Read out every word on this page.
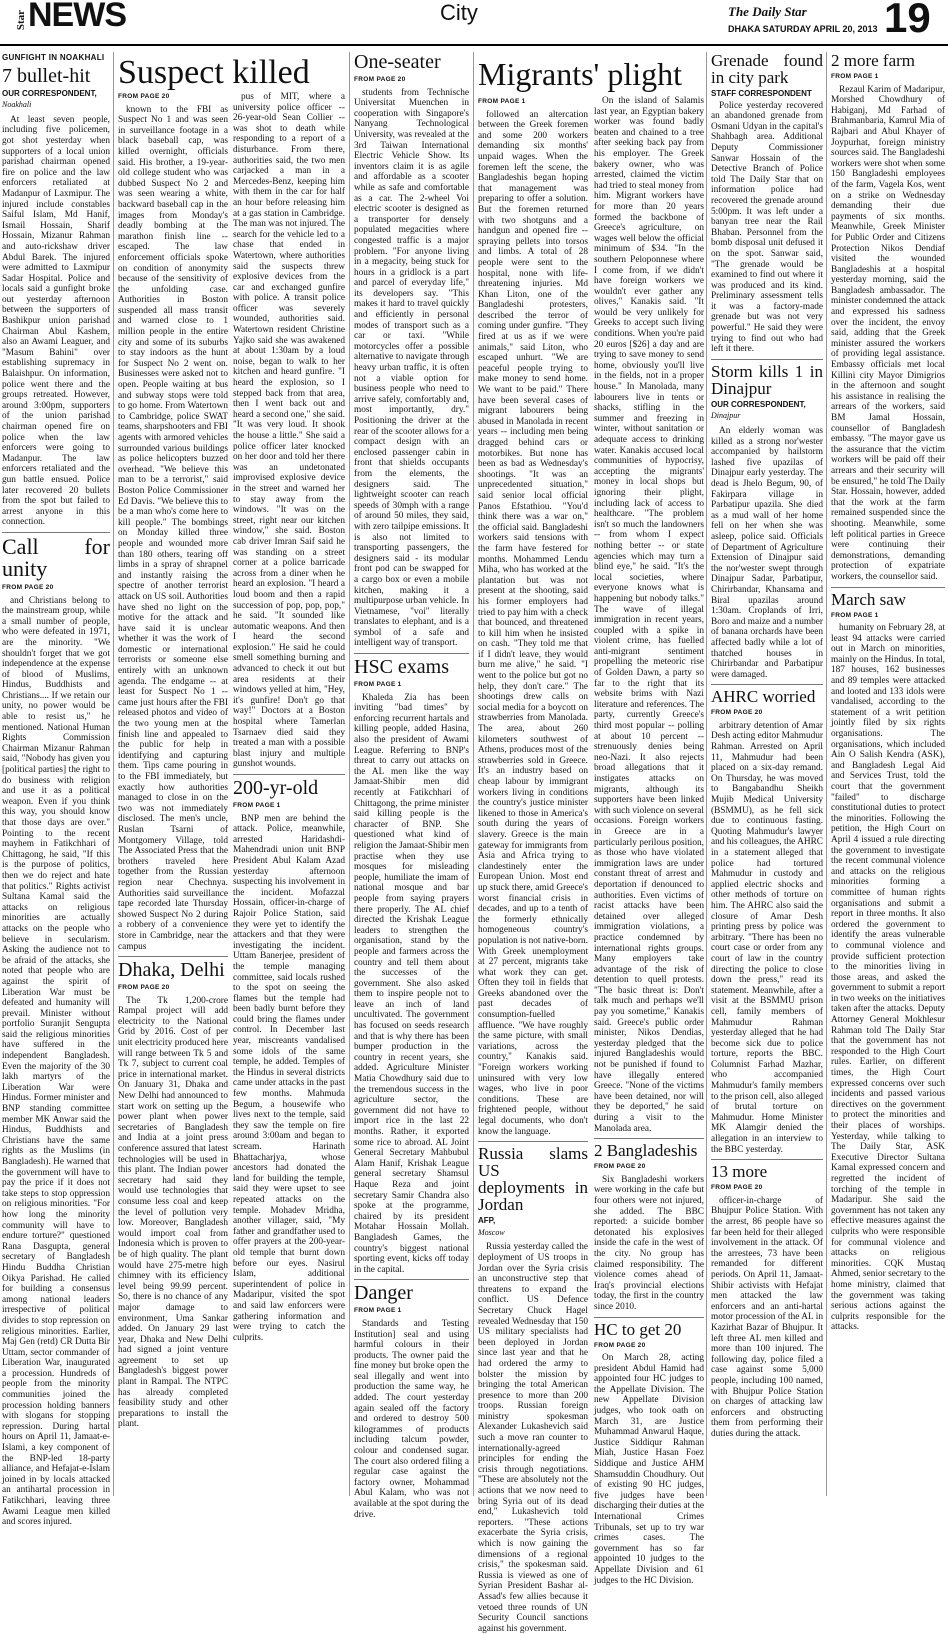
Star NEWS	City	The Daily Star
DHAKA SATURDAY APRIL 20, 2013 19
GUNFIGHT IN NOAKHALI
7 bullet-hit
OUR CORRESPONDENT,
Noakhali

At least seven people, including five policemen, got shot yesterday when supporters of a local union parishad chairman opened fire on police and the law enforcers retaliated at Madanpur of Laxmipur. The injured include constables Saiful Islam, Md Hanif, Ismail Hossain, Sharif Hossain, Mizanur Rahman and auto-rickshaw driver Abdul Barek. The injured were admitted to Laxmipur Sadar Hospital. Police and locals said a gunfight broke out yesterday afternoon between the supporters of Bashikpur union parishad Chairman Abul Kashem, also an Awami Leaguer, and "Masum Bahini" over establishing supremacy in Balaishpur. On information, police went there and the groups retreated. However, around 3:00pm, supporters of the union parishad chairman opened fire on police when the law enforcers were going to Madanpur. The law enforcers retaliated and the gun battle ensued. Police later recovered 20 bullets from the spot but failed to arrest anyone in this connection.

Call for unity
FROM PAGE 20

and Christians belong to the mainstream group, while a small number of people, who were defeated in 1971, are the minority. "We shouldn't forget that we got independence at the expense of blood of Muslims, Hindus, Buddhists and Christians.... If we retain our unity, no power would be able to resist us," he mentioned. National Human Rights Commission Chairman Mizanur Rahman said, "Nobody has given you [political parties] the right to do business with religion and use it as a political weapon. Even if you think this way, you should know that those days are over." Pointing to the recent mayhem in Fatikchhari of Chittagong, he said, "If this is the purpose of politics, then we do reject and hate that politics." Rights activist Sultana Kamal said the attacks on religious minorities are actually attacks on the people who believe in secularism. Asking the audience not to be afraid of the attacks, she noted that people who are against the spirit of Liberation War must be defeated and humanity will prevail. Minister without portfolio Suranjit Sengupta said the religious minorities have suffered in the independent Bangladesh. Even the majority of the 30 lakh martyrs of the Liberation War were Hindus. Former minister and BNP standing committee member MK Anwar said the Hindus, Buddhists and Christians have the same rights as the Muslims (in Bangladesh). He warned that the government will have to pay the price if it does not take steps to stop oppression on religious minorities. "For how long the minority community will have to endure torture?" questioned Rana Dasgupta, general secretary of Bangladesh Hindu Buddha Christian Oikya Parishad. He called for building a consensus among national leaders irrespective of political divides to stop repression on religious minorities. Earlier, Maj Gen (retd) CR Dutta Bir Uttam, sector commander of Liberation War, inaugurated a procession. Hundreds of people from the minority communities joined the procession holding banners with slogans for stopping repression. During hartal hours on April 11, Jamaat-e-Islami, a key component of the BNP-led 18-party alliance, and Hefajat-e-Islam joined in by locals attacked an antihartal procession in Fatikchhari, leaving three Awami League men killed and scores injured.

FROM PAGE 20

known to the FBI as Suspect No 1 and was seen in surveillance footage in a black baseball cap, was killed overnight, officials said. His brother, a 19-year-old college student who was dubbed Suspect No 2 and was seen wearing a white, backward baseball cap in the images from Monday's deadly bombing at the marathon finish line -- escaped. The law enforcement officials spoke on condition of anonymity because of the sensitivity of the unfolding case. Authorities in Boston suspended all mass transit and warned close to 1 million people in the entire city and some of its suburbs to stay indoors as the hunt for Suspect No 2 went on. Businesses were asked not to open. People waiting at bus and subway stops were told to go home. From Watertown to Cambridge, police SWAT teams, sharpshooters and FBI agents with armored vehicles surrounded various buildings as police helicopters buzzed overhead. "We believe this man to be a terrorist," said Boston Police Commissioner Ed Davis. "We believe this to be a man who's come here to kill people." The bombings on Monday killed three people and wounded more than 180 others, tearing off limbs in a spray of shrapnel and instantly raising the spectre of another terrorist attack on US soil. Authorities have shed no light on the motive for the attack and have said it is unclear whether it was the work of domestic or international terrorists or someone else entirely with an unknown agenda. The endgame -- at least for Suspect No 1 -- came just hours after the FBI released photos and video of the two young men at the finish line and appealed to the public for help in identifying and capturing them. Tips came pouring in to the FBI immediately, but exactly how authorities managed to close in on the two was not immediately disclosed. The men's uncle, Ruslan Tsarni of Montgomery Village, told The Associated Press that the brothers traveled here together from the Russian region near Chechnya. Authorities said surveillance tape recorded late Thursday showed Suspect No 2 during a robbery of a convenience store in Cambridge, near the campus

Dhaka, Delhi
FROM PAGE 20

The Tk 1,200-crore Rampal project will add electricity to the National Grid by 2016. Cost of per unit electricity produced here will range between Tk 5 and Tk 7, subject to current coal price in international market. On January 31, Dhaka and New Delhi had announced to start work on setting up the power plant when power secretaries of Bangladesh and India at a joint press conference assured that latest technologies will be used in this plant. The Indian power secretary had said they would use technologies that consume less coal and keep the level of pollution very low. Moreover, Bangladesh would import coal from Indonesia which is proven to be of high quality. The plant would have 275-metre high chimney with its efficiency level being 99.99 percent. So, there is no chance of any major damage to environment, Uma Sankar added. On January 29 last year, Dhaka and New Delhi had signed a joint venture agreement to set up Bangladesh's biggest power plant in Rampal. The NTPC has already completed feasibility study and other preparations to install the plant.

Suspect killed

pus of MIT, where a university police officer -- 26-year-old Sean Collier -- was shot to death while responding to a report of a disturbance. From there, authorities said, the two men carjacked a man in a Mercedes-Benz, keeping him with them in the car for half an hour before releasing him at a gas station in Cambridge. The man was not injured. The search for the vehicle led to a chase that ended in Watertown, where authorities said the suspects threw explosive devices from the car and exchanged gunfire with police. A transit police officer was severely wounded, authorities said. Watertown resident Christine Yajko said she was awakened at about 1:30am by a loud noise, began to walk to her kitchen and heard gunfire. "I heard the explosion, so I stepped back from that area, then I went back out and heard a second one," she said. "It was very loud. It shook the house a little." She said a police officer later knocked on her door and told her there was an undetonated improvised explosive device in the street and warned her to stay away from the windows. "It was on the street, right near our kitchen window," she said. Boston cab driver Imran Saif said he was standing on a street corner at a police barricade across from a diner when he heard an explosion. "I heard a loud boom and then a rapid succession of pop, pop, pop," he said. "It sounded like automatic weapons. And then I heard the second explosion." He said he could smell something burning and advanced to check it out but area residents at their windows yelled at him, "Hey, it's gunfire! Don't go that way!" Doctors at a Boston hospital where Tamerlan Tsarnaev died said they treated a man with a possible blast injury and multiple gunshot wounds.

200-yr-old
FROM PAGE 1

BNP men are behind the attack. Police, meanwhile, arrested Haridashdi-Mahendradi union unit BNP President Abul Kalam Azad yesterday afternoon suspecting his involvement in the incident. Mofazzal Hossain, officer-in-charge of Rajoir Police Station, said they were yet to identify the attackers and that they were investigating the incident. Uttam Banerjee, president of the temple managing committee, said locals rushed to the spot on seeing the flames but the temple had been badly burnt before they could bring the flames under control. In December last year, miscreants vandalised some idols of the same temple, he added. Temples of the Hindus in several districts came under attacks in the past few months. Mahmuda Begum, a housewife who lives next to the temple, said they saw the temple on fire around 3:00am and began to scream. Harinath Bhattacharjya, whose ancestors had donated the land for building the temple, said they were upset to see repeated attacks on the temple. Mohadev Mridha, another villager, said, "My father and grandfather used to offer prayers at the 200-year-old temple that burnt down before our eyes. Nasirul Islam, additional superintendent of police in Madaripur, visited the spot and said law enforcers were gathering information and were trying to catch the culprits.

One-seater
FROM PAGE 20

students from Technische Universitat Muenchen in cooperation with Singapore's Nanyang Technological University, was revealed at the 3rd Taiwan International Electric Vehicle Show. Its inventors claim it is as agile and affordable as a scooter while as safe and comfortable as a car. The 2-wheel Voi electric scooter is designed as a transporter for densely populated megacities where congested traffic is a major problem. "For anyone living in a megacity, being stuck for hours in a gridlock is a part and parcel of everyday life," its developers say. "This makes it hard to travel quickly and efficiently in personal modes of transport such as a car or taxi. "While motorcycles offer a possible alternative to navigate through heavy urban traffic, it is often not a viable option for business people who need to arrive safely, comfortably and, most importantly, dry." Positioning the driver at the rear of the scooter allows for a compact design with an enclosed passenger cabin in front that shields occupants from the elements, the designers said. The lightweight scooter can reach speeds of 30mph with a range of around 50 miles, they said, with zero tailpipe emissions. It is also not limited to transporting passengers, the designers said - its modular front pod can be swapped for a cargo box or even a mobile kitchen, making it a multipurpose urban vehicle. In Vietnamese, "voi" literally translates to elephant, and is a symbol of a safe and intelligent way of transport.

HSC exams
FROM PAGE 1

Khaleda Zia has been inviting "bad times" by enforcing recurrent hartals and killing people, added Hasina, also the president of Awami League. Referring to BNP's threat to carry out attacks on the AL men like the way Jamaat-Shibir men did recently at Fatikchhari of Chittagong, the prime minister said killing people is the character of BNP. She questioned what kind of religion the Jamaat-Shibir men practise when they use mosques for misleading people, humiliate the imam of national mosque and bar people from saying prayers there properly. The AL chief directed the Krishak League leaders to strengthen the organisation, stand by the people and farmers across the country and tell them about the successes of the government. She also asked them to inspire people not to leave an inch of land uncultivated. The government has focused on seeds research and that is why there has been bumper production in the country in recent years, she added. Agriculture Minister Matia Chowdhury said due to the tremendous success in the agriculture sector, the government did not have to import rice in the last 22 months. Rather, it exported some rice to abroad. AL Joint General Secretary Mahbubul Alam Hanif, Krishak League general secretary Shamsul Haque Reza and joint secretary Samir Chandra also spoke at the programme, chaired by its president Motahar Hossain Mollah. Bangladesh Games, the country's biggest national sporting event, kicks off today in the capital.

Danger
FROM PAGE 1

Standards and Testing Institution] seal and using harmful colours in their products. The owner paid the fine money but broke open the seal illegally and went into production the same way, he added. The court yesterday again sealed off the factory and ordered to destroy 500 kilogrammes of products including talcum powder, colour and condensed sugar. The court also ordered filing a regular case against the factory owner, Mohammad Abul Kalam, who was not available at the spot during the drive.

Migrants' plight
FROM PAGE 1

followed an altercation between the Greek foremen and some 200 workers demanding six months' unpaid wages. When the foremen left the scene, the Bangladeshis began hoping that management was preparing to offer a solution. But the foremen returned with two shotguns and a handgun and opened fire -- spraying pellets into torsos and limbs. A total of 28 people were sent to the hospital, none with life-threatening injuries. Md Khan Liton, one of the Bangladeshi protesters, described the terror of coming under gunfire. "They fired at us as if we were animals," said Liton, who escaped unhurt. "We are peaceful people trying to make money to send home. We want to be paid." There have been several cases of migrant labourers being abused in Manolada in recent years -- including men being dragged behind cars or motorbikes. But none has been as bad as Wednesday's shootings. "It was an unprecedented situation," said senior local official Panos Efstathiou. "You'd think there was a war on," the official said. Bangladeshi workers said tensions with the farm have festered for months. Mohammed Lendu Miha, who has worked at the plantation but was not present at the shooting, said his former employers had tried to pay him with a check that bounced, and threatened to kill him when he insisted on cash. "They told me that if I didn't leave, they would burn me alive," he said. "I went to the police but got no help, they don't care." The shootings drew calls on social media for a boycott on strawberries from Manolada. The area, about 260 kilometers southwest of Athens, produces most of the strawberries sold in Greece. It's an industry based on cheap labour by immigrant workers living in conditions the country's justice minister likened to those in America's south during the years of slavery. Greece is the main gateway for immigrants from Asia and Africa trying to clandestinely enter the European Union. Most end up stuck there, amid Greece's worst financial crisis in decades, and up to a tenth of the formerly ethnically homogeneous country's population is not native-born. With Greek unemployment at 27 percent, migrants take what work they can get. Often they toil in fields that Greeks abandoned over the past decades of consumption-fuelled affluence. "We have roughly the same picture, with small variations, across the country," Kanakis said. "Foreign workers working uninsured with very low wages, who live in poor conditions. These are frightened people, without legal documents, who don't know the language.

Russia slams US deployments in Jordan
AFP,
Moscow

Russia yesterday called the deployment of US troops in Jordan over the Syria crisis an unconstructive step that threatens to expand the conflict. US Defence Secretary Chuck Hagel revealed Wednesday that 150 US military specialists had been deployed in Jordan since last year and that he had ordered the army to bolster the mission by bringing the total American presence to more than 200 troops. Russian foreign ministry spokesman Alexander Lukashevich said such a move ran counter to internationally-agreed principles for ending the crisis through negotiations. "These are absolutely not the actions that we now need to bring Syria out of its dead end," Lukashevich told reporters. "These actions exacerbate the Syria crisis, which is now gaining the dimensions of a regional crisis," the spokesman said. Russia is viewed as one of Syrian President Bashar al-Assad's few allies because it vetoed three rounds of UN Security Council sanctions against his government.

On the island of Salamis last year, an Egyptian bakery worker was found badly beaten and chained to a tree after seeking back pay from his employer. The Greek bakery owner, who was arrested, claimed the victim had tried to steal money from him. Migrant workers have for more than 20 years formed the backbone of Greece's agriculture, on wages well below the official minimum of $34. "In the southern Peloponnese where I come from, if we didn't have foreign workers we wouldn't ever gather any olives," Kanakis said. "It would be very unlikely for Greeks to accept such living conditions. When you're paid 20 euros [$26] a day and are trying to save money to send home, obviously you'll live in the fields, not in a proper house." In Manolada, many labourers live in tents or shacks, stifling in the summer and freezing in winter, without sanitation or adequate access to drinking water. Kanakis accused local communities of hypocrisy, accepting the migrants' money in local shops but ignoring their plight, including lack of access to healthcare. "The problem isn't so much the landowners -- from whom I expect nothing better -- or state agencies which may turn a blind eye," he said. "It's the local societies, where everyone knows what is happening but nobody talks." The wave of illegal immigration in recent years, coupled with a spike in violent crime, has fuelled anti-migrant sentiment propelling the meteoric rise of Golden Dawn, a party so far to the right that its website brims with Nazi literature and references. The party, currently Greece's third most popular -- polling at about 10 percent -- strenuously denies being neo-Nazi. It also rejects broad allegations that it instigates attacks on migrants, although its supporters have been linked with such violence on several occasions. Foreign workers in Greece are in a particularly perilous position, as those who have violated immigration laws are under constant threat of arrest and deportation if denounced to authorities. Even victims of racist attacks have been detained over alleged immigration violations, a practice condemned by international rights groups. Many employers take advantage of the risk of detention to quell protests. "The basic threat is: Don't talk much and perhaps we'll pay you sometime," Kanakis said. Greece's public order minister, Nikos Dendias, yesterday pledged that the injured Bangladeshis would not be punished if found to have illegally entered Greece. "None of the victims have been detained, nor will they be deported," he said during a visit to the Manolada area.

2 Bangladeshis
FROM PAGE 20

Six Bangladeshi workers were working in the cafe but four others were not injured, she added. The BBC reported: a suicide bomber detonated his explosives inside the cafe in the west of the city. No group has claimed responsibility. The violence comes ahead of Iraq's provincial elections today, the first in the country since 2010.

HC to get 20
FROM PAGE 20

On March 28, acting president Abdul Hamid had appointed four HC judges to the Appellate Division. The new Appellate Division judges, who took oath on March 31, are Justice Muhammad Anwarul Haque, Justice Siddiqur Rahman Miah, Justice Hasan Foez Siddique and Justice AHM Shamsuddin Choudhury. Out of existing 90 HC judges, five judges have been discharging their duties at the International Crimes Tribunals, set up to try war crimes cases. The government has so far appointed 10 judges to the Appellate Division and 61 judges to the HC Division.

Grenade found in city park
STAFF CORRESPONDENT

Police yesterday recovered an abandoned grenade from Osmani Udyan in the capital's Shahbagh area. Additional Deputy Commissioner Sanwar Hossain of the Detective Branch of Police told The Daily Star that on information police had recovered the grenade around 5:00pm. It was left under a banyan tree near the Rail Bhaban. Personnel from the bomb disposal unit defused it on the spot. Sanwar said, "The grenade would be examined to find out where it was produced and its kind. Preliminary assessment tells it was a factory-made grenade but was not very powerful." He said they were trying to find out who had left it there.

Storm kills 1 in Dinajpur
OUR CORRESPONDENT,
Dinajpur

An elderly woman was killed as a strong nor'wester accompanied by hailstorm lashed five upazilas of Dinajpur early yesterday. The dead is Jhelo Begum, 90, of Fakirpara village in Parbatipur upazila. She died as a mud wall of her home fell on her when she was asleep, police said. Officials of Department of Agriculture Extension of Dinajpur said the nor'wester swept through Dinajpur Sadar, Parbatipur, Chirirbandar, Khansama and Biral upazilas around 1:30am. Croplands of Irri, Boro and maize and a number of banana orchards have been affected badly while a lot of thatched houses in Chirirbandar and Parbatipur were damaged.

AHRC worried
FROM PAGE 20

arbitrary detention of Amar Desh acting editor Mahmudur Rahman. Arrested on April 11, Mahmudur had been placed on a six-day remand. On Thursday, he was moved to Bangabandhu Sheikh Mujib Medical University (BSMMU), as he fell sick due to continuous fasting. Quoting Mahmudur's lawyer and his colleagues, the AHRC in a statement alleged that police had tortured Mahmudur in custody and applied electric shocks and other methods of torture on him. The AHRC also said the closure of Amar Desh printing press by police was arbitrary. "There has been no court case or order from any court of law in the country directing the police to close down the press," read its statement. Meanwhile, after a visit at the BSMMU prison cell, family members of Mahmudur Rahman yesterday alleged that he had become sick due to police torture, reports the BBC. Columnist Farhad Mazhar, who accompanied Mahmudur's family members to the prison cell, also alleged of brutal torture on Mahmudur. Home Minister MK Alamgir denied the allegation in an interview to the BBC yesterday.

13 more
FROM PAGE 20

officer-in-charge of Bhujpur Police Station. With the arrest, 86 people have so far been held for their alleged involvement in the attack. Of the arrestees, 73 have been remanded for different periods. On April 11, Jamaat-Shibir activists with Hefajat men attacked the law enforcers and an anti-hartal motor procession of the AL in Kazirhat Bazar of Bhujpur. It left three AL men killed and more than 100 injured. The following day, police filed a case against some 5,000 people, including 100 named, with Bhujpur Police Station on charges of attacking law enforcers and obstructing them from performing their duties during the attack.

2 more farm
FROM PAGE 1

Rezaul Karim of Madaripur, Morshed Chowdhury of Habiganj, Md Farhad of Brahmanbaria, Kamrul Mia of Rajbari and Abul Khayer of Joypurhat, foreign ministry sources said. The Bangladeshi workers were shot when some 150 Bangladeshi employees of the farm, Vagela Kos, went on a strike on Wednesday demanding their due payments of six months. Meanwhile, Greek Minister for Public Order and Citizens Protection Nikos Dendiaf visited the wounded Bangladeshis at a hospital yesterday morning, said the Bangladesh ambassador. The minister condemned the attack and expressed his sadness over the incident, the envoy said, adding that the Greek minister assured the workers of providing legal assistance. Embassy officials met local Killini city Mayor Dimigrios in the afternoon and sought his assistance in realising the arrears of the workers, said BM Jamal Hossain, counsellor of Bangladesh embassy. "The mayor gave us the assurance that the victim workers will be paid off their arrears and their security will be ensured," he told The Daily Star. Hossain, however, added that the work at the farm remained suspended since the shooting. Meanwhile, some left political parties in Greece were continuing their demonstrations, demanding protection of expatriate workers, the counsellor said.

March saw
FROM PAGE 1

humanity on February 28, at least 94 attacks were carried out in March on minorities, mainly on the Hindus. In total, 187 houses, 162 businesses and 89 temples were attacked and looted and 133 idols were vandalised, according to the statement of a writ petition jointly filed by six rights organisations. The organisations, which included Ain O Salish Kendra (ASK), and Bangladesh Legal Aid and Services Trust, told the court that the government "failed" to discharge constitutional duties to protect the minorities. Following the petition, the High Court on April 4 issued a rule directing the government to investigate the recent communal violence and attacks on the religious minorities forming a committee of human rights organisations and submit a report in three months. It also ordered the government to identify the areas vulnerable to communal violence and provide sufficient protection to the minorities living in those areas, and asked the government to submit a report in two weeks on the initiatives taken after the attacks. Deputy Attorney General Mokhlesur Rahman told The Daily Star that the government has not responded to the High Court rules. Earlier, on different times, the High Court expressed concerns over such incidents and passed various directives on the government to protect the minorities and their places of worships. Yesterday, while talking to The Daily Star, ASK Executive Director Sultana Kamal expressed concern and regretted the incident of torching of the temple in Madaripur. She said the government has not taken any effective measures against the culprits who were responsible for communal violence and attacks on religious minorities. CQK Mustaq Ahmed, senior secretary to the home ministry, claimed that the government was taking serious actions against the culprits responsible for the attacks.
